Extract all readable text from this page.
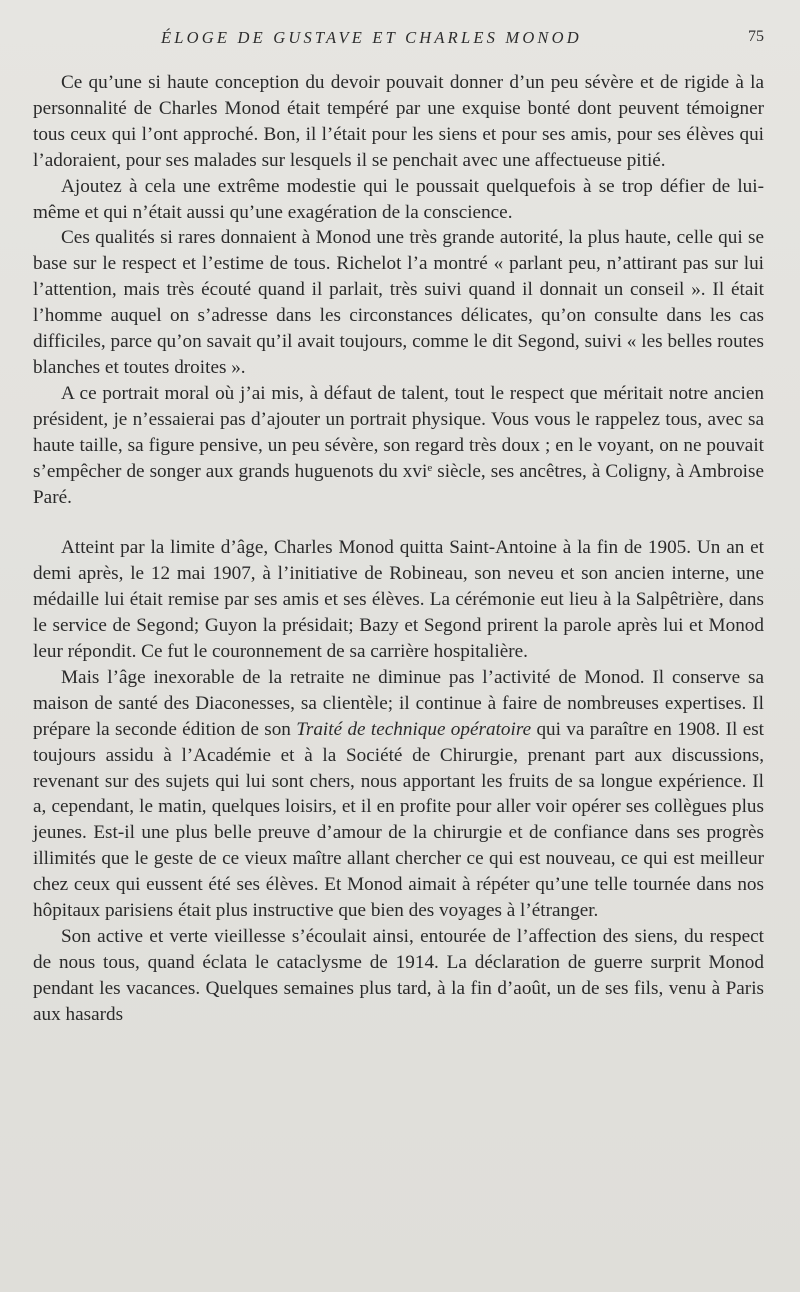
ÉLOGE DE GUSTAVE ET CHARLES MONOD	75

Ce qu’une si haute conception du devoir pouvait donner d’un peu sévère et de rigide à la personnalité de Charles Monod était tempéré par une exquise bonté dont peuvent témoigner tous ceux qui l’ont approché. Bon, il l’était pour les siens et pour ses amis, pour ses élèves qui l’adoraient, pour ses malades sur lesquels il se penchait avec une affectueuse pitié.

Ajoutez à cela une extrême modestie qui le poussait quelquefois à se trop défier de lui-même et qui n’était aussi qu’une exagération de la conscience.

Ces qualités si rares donnaient à Monod une très grande autorité, la plus haute, celle qui se base sur le respect et l’estime de tous. Richelot l’a montré « parlant peu, n’attirant pas sur lui l’attention, mais très écouté quand il parlait, très suivi quand il donnait un conseil ». Il était l’homme auquel on s’adresse dans les circonstances délicates, qu’on consulte dans les cas difficiles, parce qu’on savait qu’il avait toujours, comme le dit Segond, suivi « les belles routes blanches et toutes droites ».

A ce portrait moral où j’ai mis, à défaut de talent, tout le respect que méritait notre ancien président, je n’essaierai pas d’ajouter un portrait physique. Vous vous le rappelez tous, avec sa haute taille, sa figure pensive, un peu sévère, son regard très doux ; en le voyant, on ne pouvait s’empêcher de songer aux grands huguenots du xvi$^e$ siècle, ses ancêtres, à Coligny, à Ambroise Paré.

Atteint par la limite d’âge, Charles Monod quitta Saint-Antoine à la fin de 1905. Un an et demi après, le 12 mai 1907, à l’initiative de Robineau, son neveu et son ancien interne, une médaille lui était remise par ses amis et ses élèves. La cérémonie eut lieu à la Salpêtrière, dans le service de Segond; Guyon la présidait; Bazy et Segond prirent la parole après lui et Monod leur répondit. Ce fut le couronnement de sa carrière hospitalière.

Mais l’âge inexorable de la retraite ne diminue pas l’activité de Monod. Il conserve sa maison de santé des Diaconesses, sa clientèle; il continue à faire de nombreuses expertises. Il prépare la seconde édition de son Traité de technique opératoire qui va paraître en 1908. Il est toujours assidu à l’Académie et à la Société de Chirurgie, prenant part aux discussions, revenant sur des sujets qui lui sont chers, nous apportant les fruits de sa longue expérience. Il a, cependant, le matin, quelques loisirs, et il en profite pour aller voir opérer ses collègues plus jeunes. Est-il une plus belle preuve d’amour de la chirurgie et de confiance dans ses progrès illimités que le geste de ce vieux maître allant chercher ce qui est nouveau, ce qui est meilleur chez ceux qui eussent été ses élèves. Et Monod aimait à répéter qu’une telle tournée dans nos hôpitaux parisiens était plus instructive que bien des voyages à l’étranger.

Son active et verte vieillesse s’écoulait ainsi, entourée de l’affection des siens, du respect de nous tous, quand éclata le cataclysme de 1914. La déclaration de guerre surprit Monod pendant les vacances. Quelques semaines plus tard, à la fin d’août, un de ses fils, venu à Paris aux hasards
